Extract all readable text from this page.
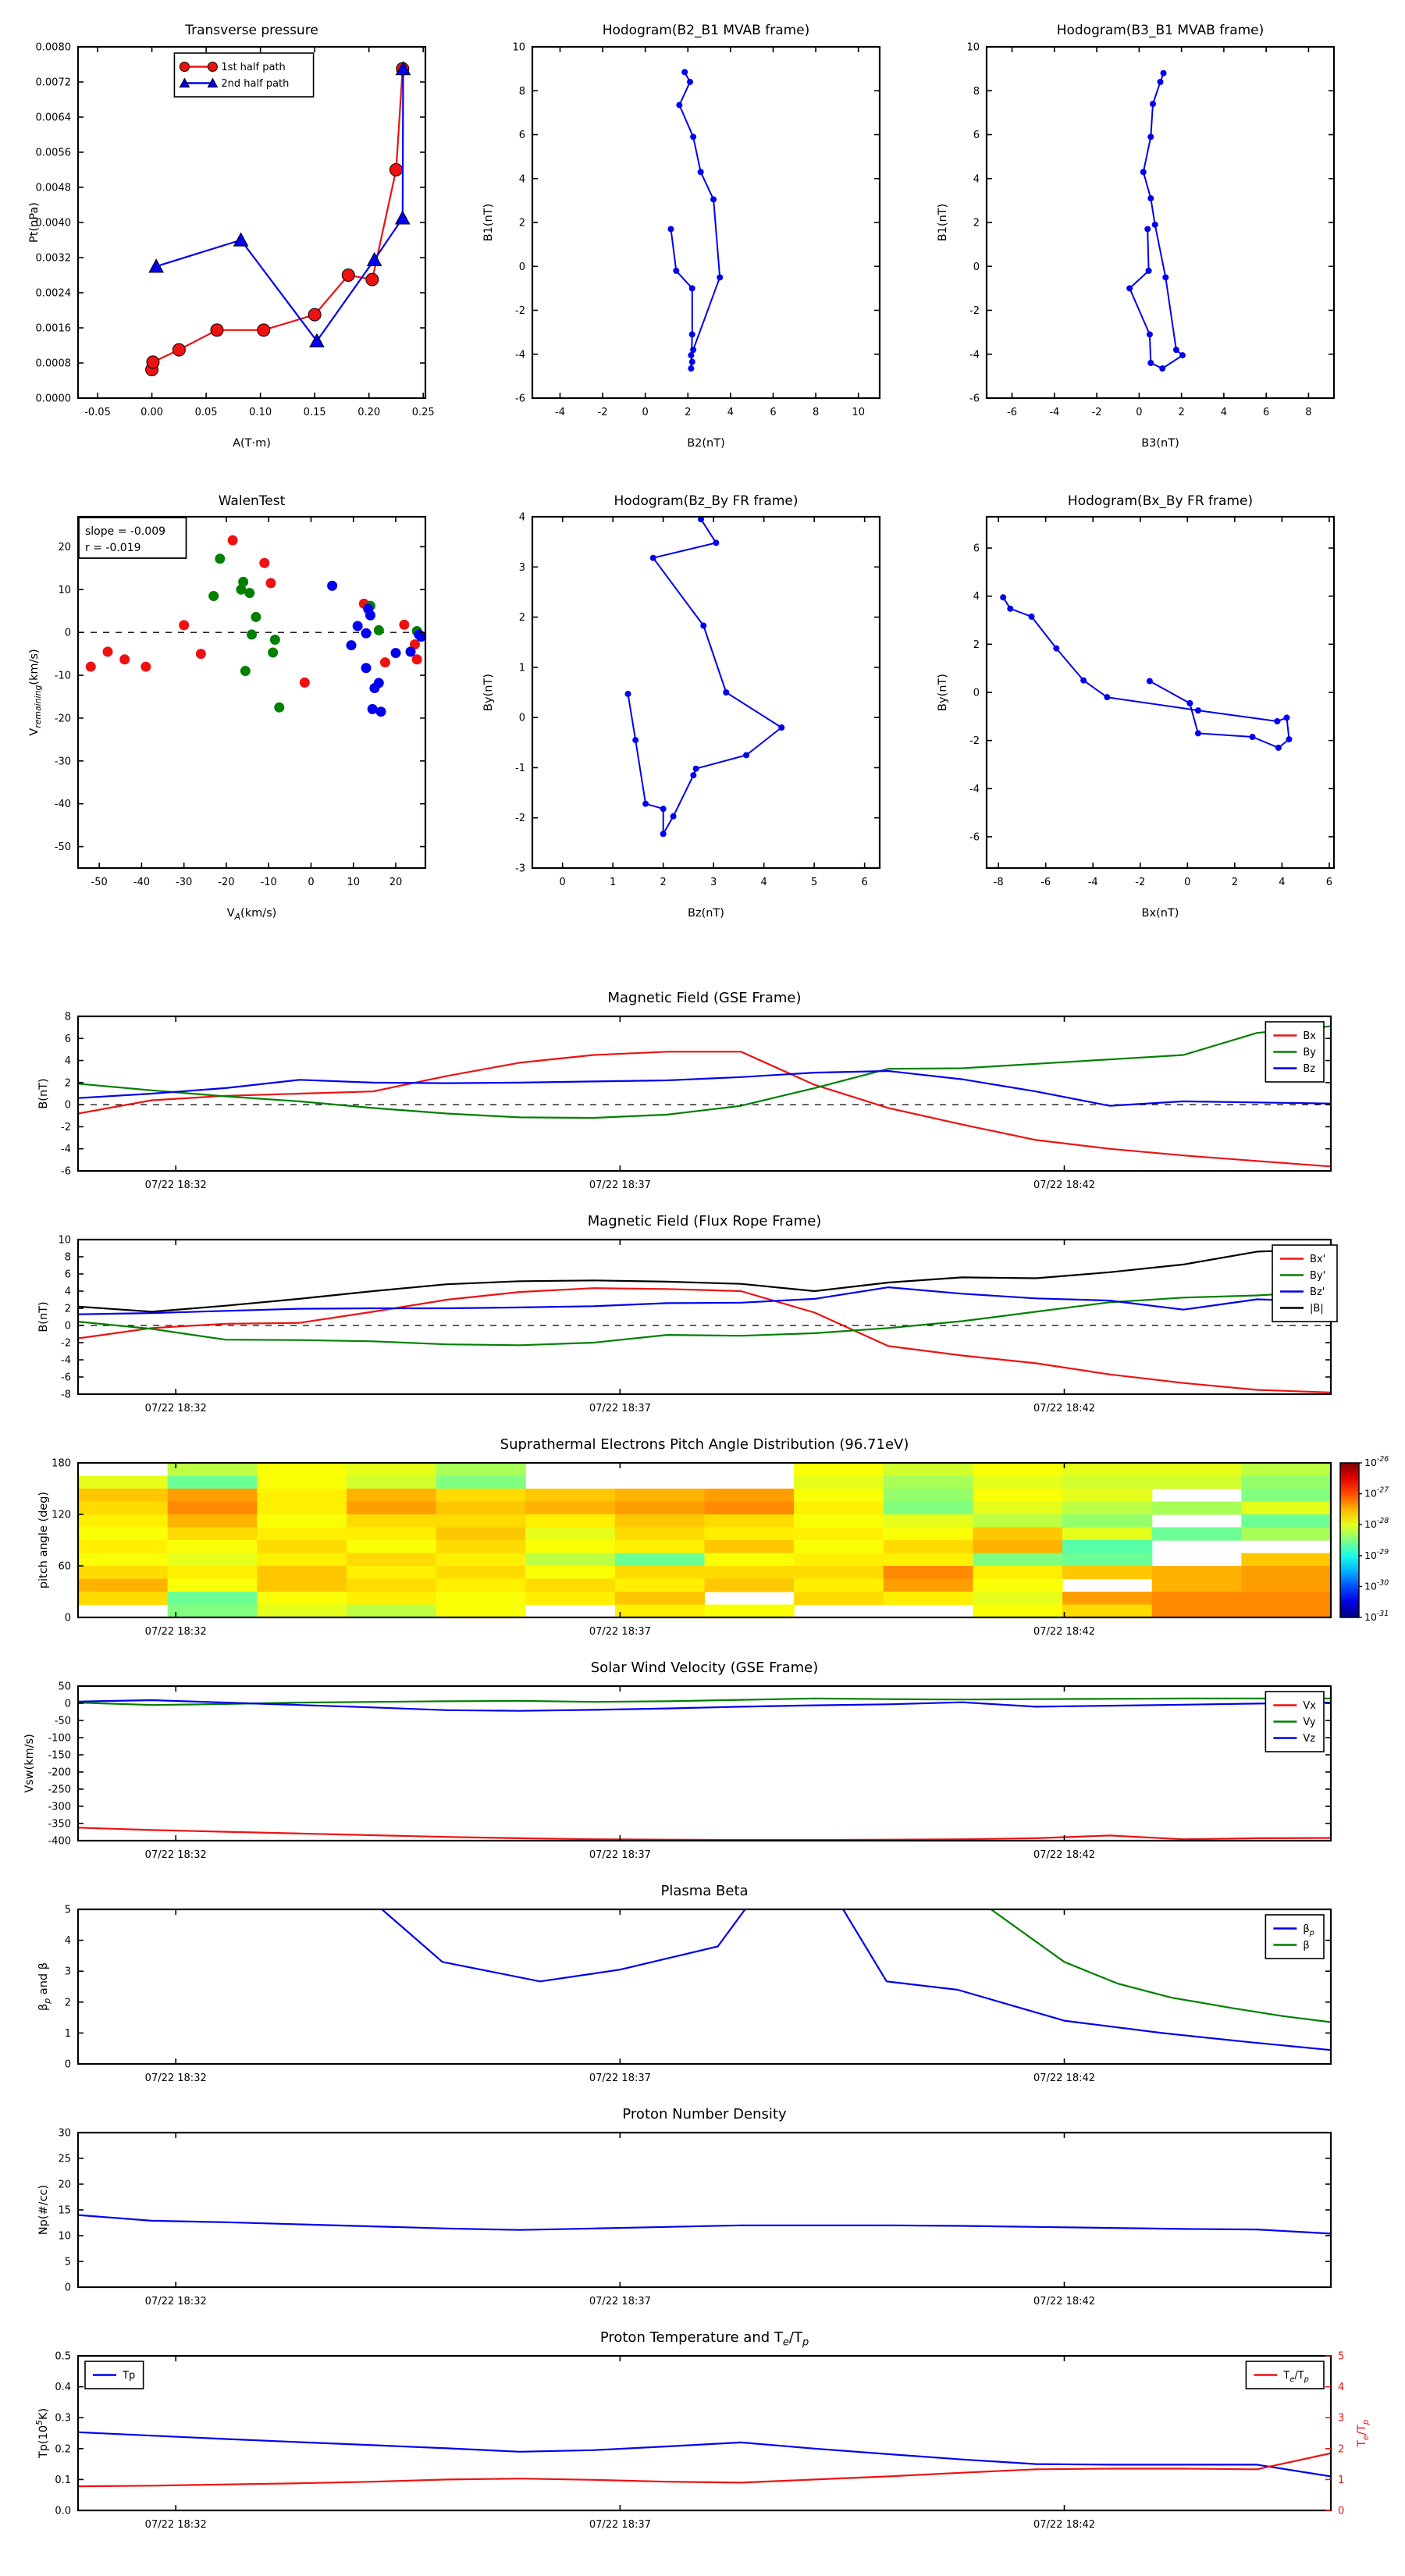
Transverse pressure
-0.05	0.00	0.05	0.10	0.15	0.20	0.25
0.0000
0.0008
0.0016
0.0024
0.0032
0.0040
0.0048
0.0056
0.0064
0.0072
0.0080
A(T·m)
Pt(nPa)
1st half path
2nd half path
Hodogram(B2_B1 MVAB frame)
-4	-2	0	2	4	6	8	10
-6
-4
-2
0
2
4
6
8
10
B2(nT)
B1(nT)
Hodogram(B3_B1 MVAB frame)
-6	-4	-2	0	2	4	6	8
-6
-4
-2
0
2
4
6
8
10
B3(nT)
B1(nT)
WalenTest
-50	-40	-30	-20	-10	0	10	20
-50
-40
-30
-20
-10
0
10
20
$V_A(km/s)$
$V_{remaining}(km/s)$
slope = -0.009
r = -0.019
Hodogram(Bz_By FR frame)
0	1	2	3	4	5	6
-3
-2
-1
0
1
2
3
4
Bz(nT)
By(nT)
Hodogram(Bx_By FR frame)
-8	-6	-4	-2	0	2	4	6
-6
-4
-2
0
2
4
6
Bx(nT)
By(nT)
Magnetic Field (GSE Frame)
07/22 18:32	07/22 18:37	07/22 18:42
-6
-4
-2
0
2
4
6
8
B(nT)
Bx
By
Bz
Magnetic Field (Flux Rope Frame)
07/22 18:32	07/22 18:37	07/22 18:42
-8
-6
-4
-2
0
2
4
6
8
10
B(nT)
Bx'
By'
Bz'
|B|
Suprathermal Electrons Pitch Angle Distribution (96.71eV)
$10^{-26}$
$10^{-27}$
$10^{-28}$
$10^{-29}$
$10^{-30}$
$10^{-31}$
07/22 18:32	07/22 18:37	07/22 18:42
0
60
120
180
pitch angle (deg)
Solar Wind Velocity (GSE Frame)
07/22 18:32	07/22 18:37	07/22 18:42
-400
-350
-300
-250
-200
-150
-100
-50
0
50
Vsw(km/s)
Vx
Vy
Vz
Plasma Beta
07/22 18:32	07/22 18:37	07/22 18:42
0
1
2
3
4
5
$\beta_p$ and β
$\beta_p$
β
Proton Number Density
07/22 18:32	07/22 18:37	07/22 18:42
0
5
10
15
20
25
30
Np(#/cc)
Proton Temperature and $T_e/T_p$
07/22 18:32	07/22 18:37	07/22 18:42
0.0
0.1
0.2
0.3
0.4
0.5
0
1
2
3
4
5
$T_e/T_p$
$Tp(10^5K)$
Tp	$T_e/T_p$
